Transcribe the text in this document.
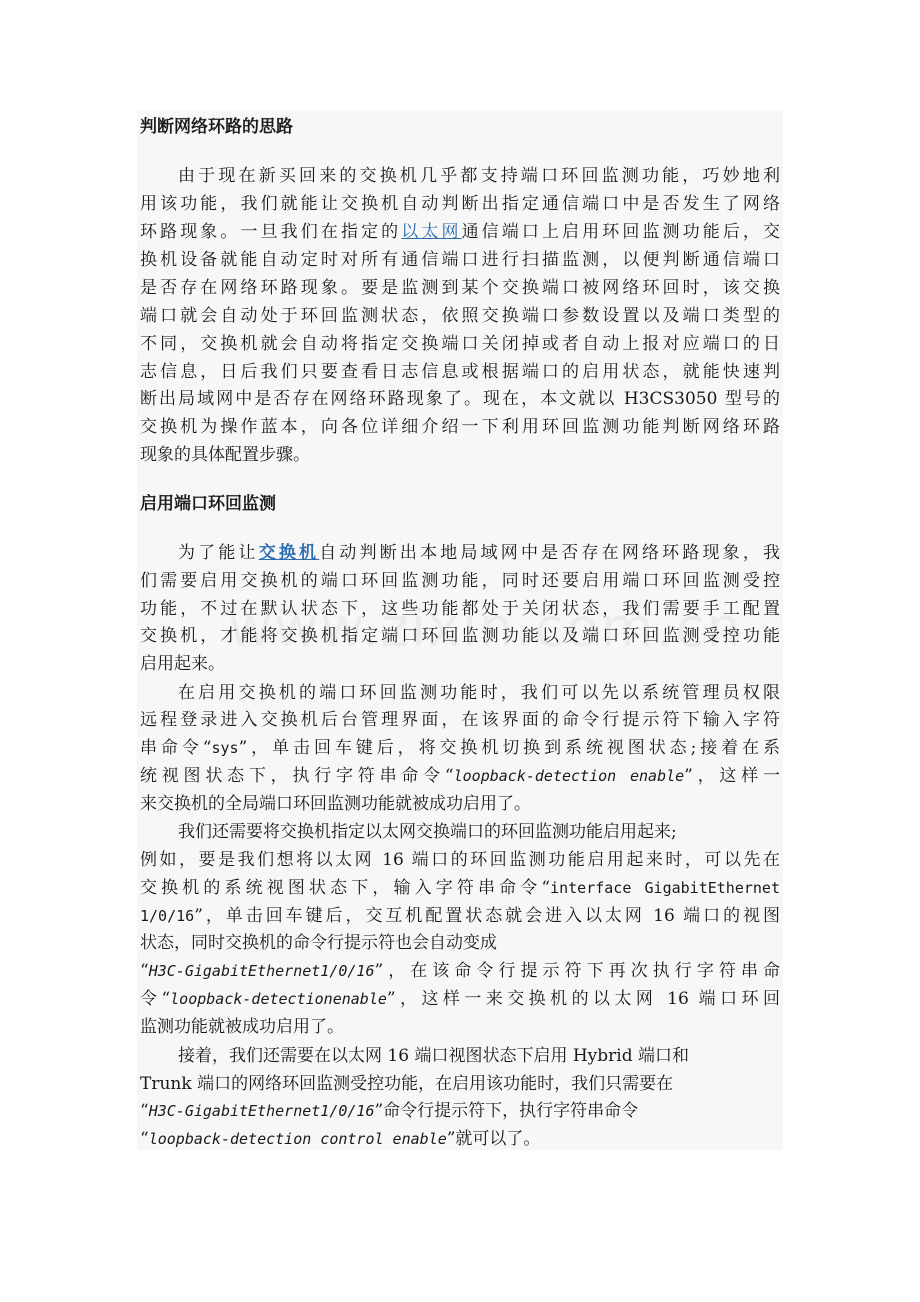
判断网络环路的思路
由于现在新买回来的交换机几乎都支持端口环回监测功能，巧妙地利
用该功能，我们就能让交换机自动判断出指定通信端口中是否发生了网络
环路现象。一旦我们在指定的以太网通信端口上启用环回监测功能后，交
换机设备就能自动定时对所有通信端口进行扫描监测，以便判断通信端口
是否存在网络环路现象。要是监测到某个交换端口被网络环回时，该交换
端口就会自动处于环回监测状态，依照交换端口参数设置以及端口类型的
不同，交换机就会自动将指定交换端口关闭掉或者自动上报对应端口的日
志信息，日后我们只要查看日志信息或根据端口的启用状态，就能快速判
断出局域网中是否存在网络环路现象了。现在，本文就以 H3CS3050 型号的
交换机为操作蓝本，向各位详细介绍一下利用环回监测功能判断网络环路
现象的具体配置步骤。
启用端口环回监测
为了能让交换机自动判断出本地局域网中是否存在网络环路现象，我
们需要启用交换机的端口环回监测功能，同时还要启用端口环回监测受控
功能，不过在默认状态下，这些功能都处于关闭状态，我们需要手工配置
交换机，才能将交换机指定端口环回监测功能以及端口环回监测受控功能
启用起来。
在启用交换机的端口环回监测功能时，我们可以先以系统管理员权限
远程登录进入交换机后台管理界面，在该界面的命令行提示符下输入字符
串命令“sys”，单击回车键后，将交换机切换到系统视图状态;接着在系
统视图状态下，执行字符串命令“loopback-detection enable”，这样一
来交换机的全局端口环回监测功能就被成功启用了。
我们还需要将交换机指定以太网交换端口的环回监测功能启用起来;
例如，要是我们想将以太网 16 端口的环回监测功能启用起来时，可以先在
交换机的系统视图状态下，输入字符串命令“interface GigabitEthernet
1/0/16”，单击回车键后，交互机配置状态就会进入以太网 16 端口的视图
状态，同时交换机的命令行提示符也会自动变成
“H3C-GigabitEthernet1/0/16”，在该命令行提示符下再次执行字符串命
令“loopback-detectionenable”，这样一来交换机的以太网 16 端口环回
监测功能就被成功启用了。
接着，我们还需要在以太网 16 端口视图状态下启用 Hybrid 端口和
Trunk 端口的网络环回监测受控功能，在启用该功能时，我们只需要在
“H3C-GigabitEthernet1/0/16”命令行提示符下，执行字符串命令
“loopback-detection control enable”就可以了。
